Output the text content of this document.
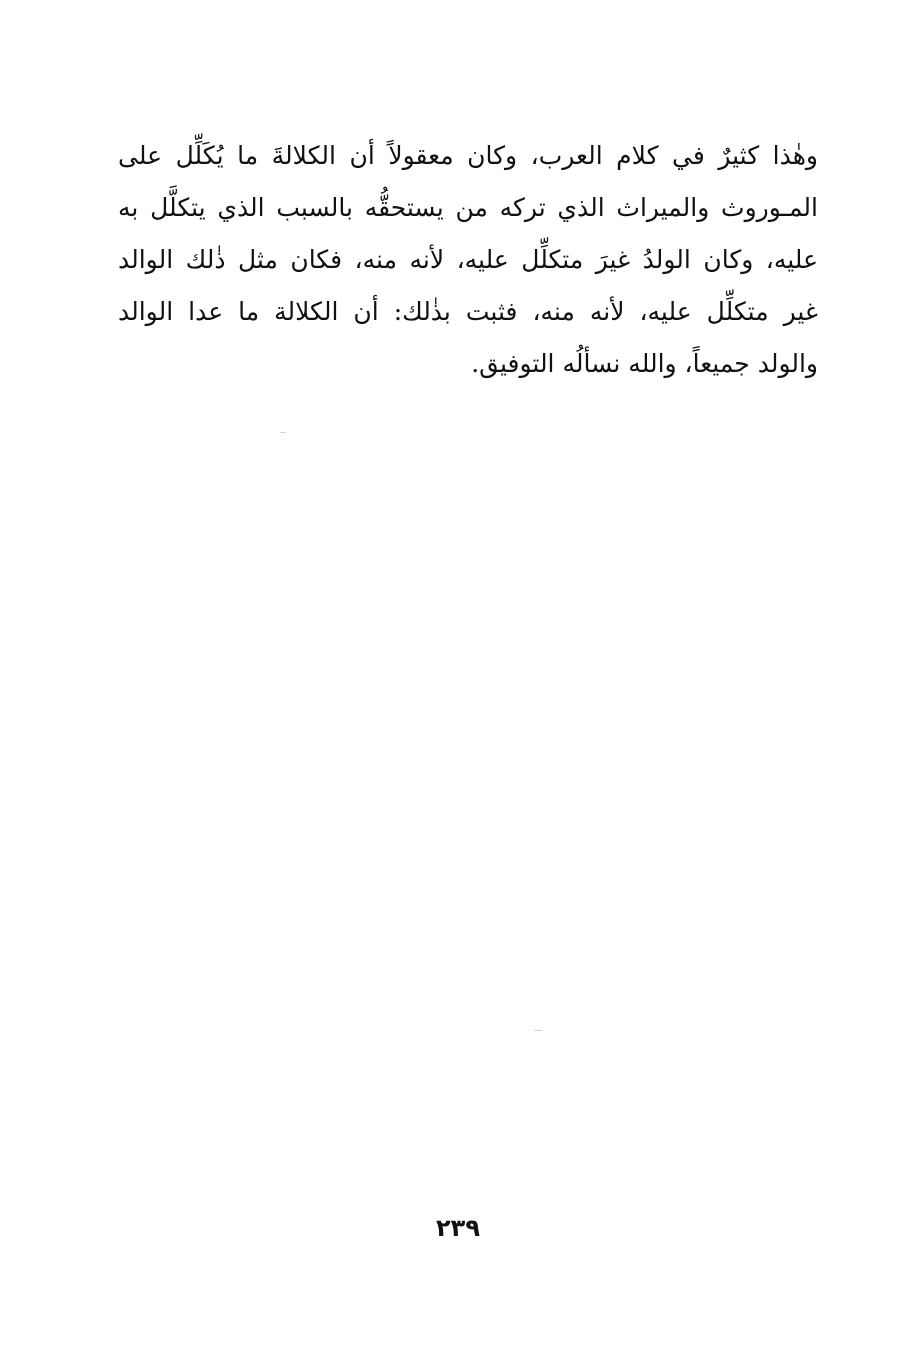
وهٰذا كثيرٌ في كلام العرب، وكان معقولاً أن الكلالةَ ما يُكَلِّل على
المـوروث والميراث الذي تركه من يستحقُّه بالسبب الذي يتكلَّل به
عليه، وكان الولدُ غيرَ متكلِّل عليه، لأنه منه، فكان مثل ذٰلك الوالد
غير متكلِّل عليه، لأنه منه، فثبت بذٰلك: أن الكلالة ما عدا الوالد
والولد جميعاً، والله نسألُه التوفيق.
٢٣٩
